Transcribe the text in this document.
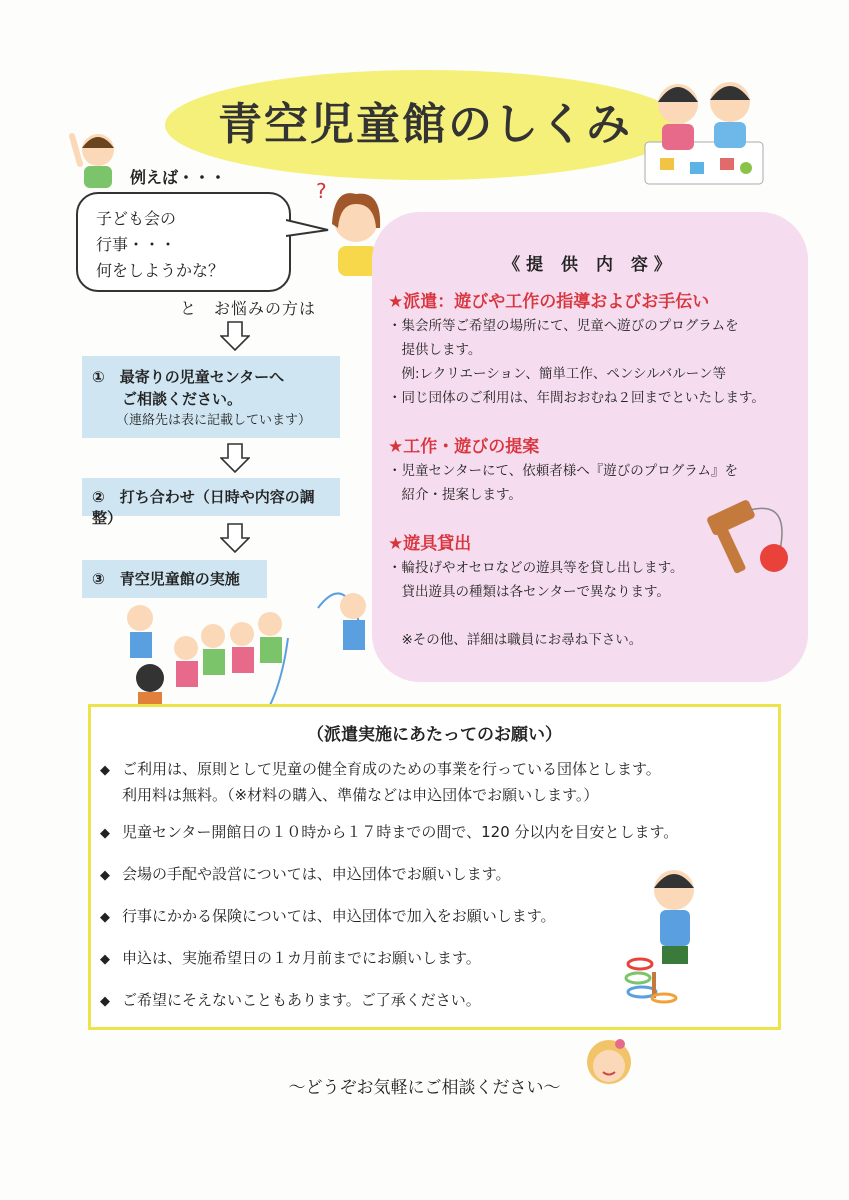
青空児童館のしくみ
例えば・・・
子ども会の
行事・・・
何をしようかな？
?
と　お悩みの方は
①　最寄りの児童センターへ
ご相談ください。
（連絡先は表に記載しています）
②　打ち合わせ（日時や内容の調整）
③　青空児童館の実施
《提 供 内 容》
★派遣：遊びや工作の指導およびお手伝い
・集会所等ご希望の場所にて、児童へ遊びのプログラムを
　提供します。
　例:レクリエーション、簡単工作、ペンシルバルーン等
・同じ団体のご利用は、年間おおむね２回までといたします。
★工作・遊びの提案
・児童センターにて、依頼者様へ『遊びのプログラム』を
　紹介・提案します。
★遊具貸出
・輪投げやオセロなどの遊具等を貸し出します。
　貸出遊具の種類は各センターで異なります。
　※その他、詳細は職員にお尋ね下さい。
（派遣実施にあたってのお願い）
◆ ご利用は、原則として児童の健全育成のための事業を行っている団体とします。
利用料は無料。（※材料の購入、準備などは申込団体でお願いします。）
◆ 児童センター開館日の１０時から１７時までの間で、120 分以内を目安とします。
◆ 会場の手配や設営については、申込団体でお願いします。
◆ 行事にかかる保険については、申込団体で加入をお願いします。
◆ 申込は、実施希望日の１カ月前までにお願いします。
◆ ご希望にそえないこともあります。ご了承ください。
～どうぞお気軽にご相談ください～
